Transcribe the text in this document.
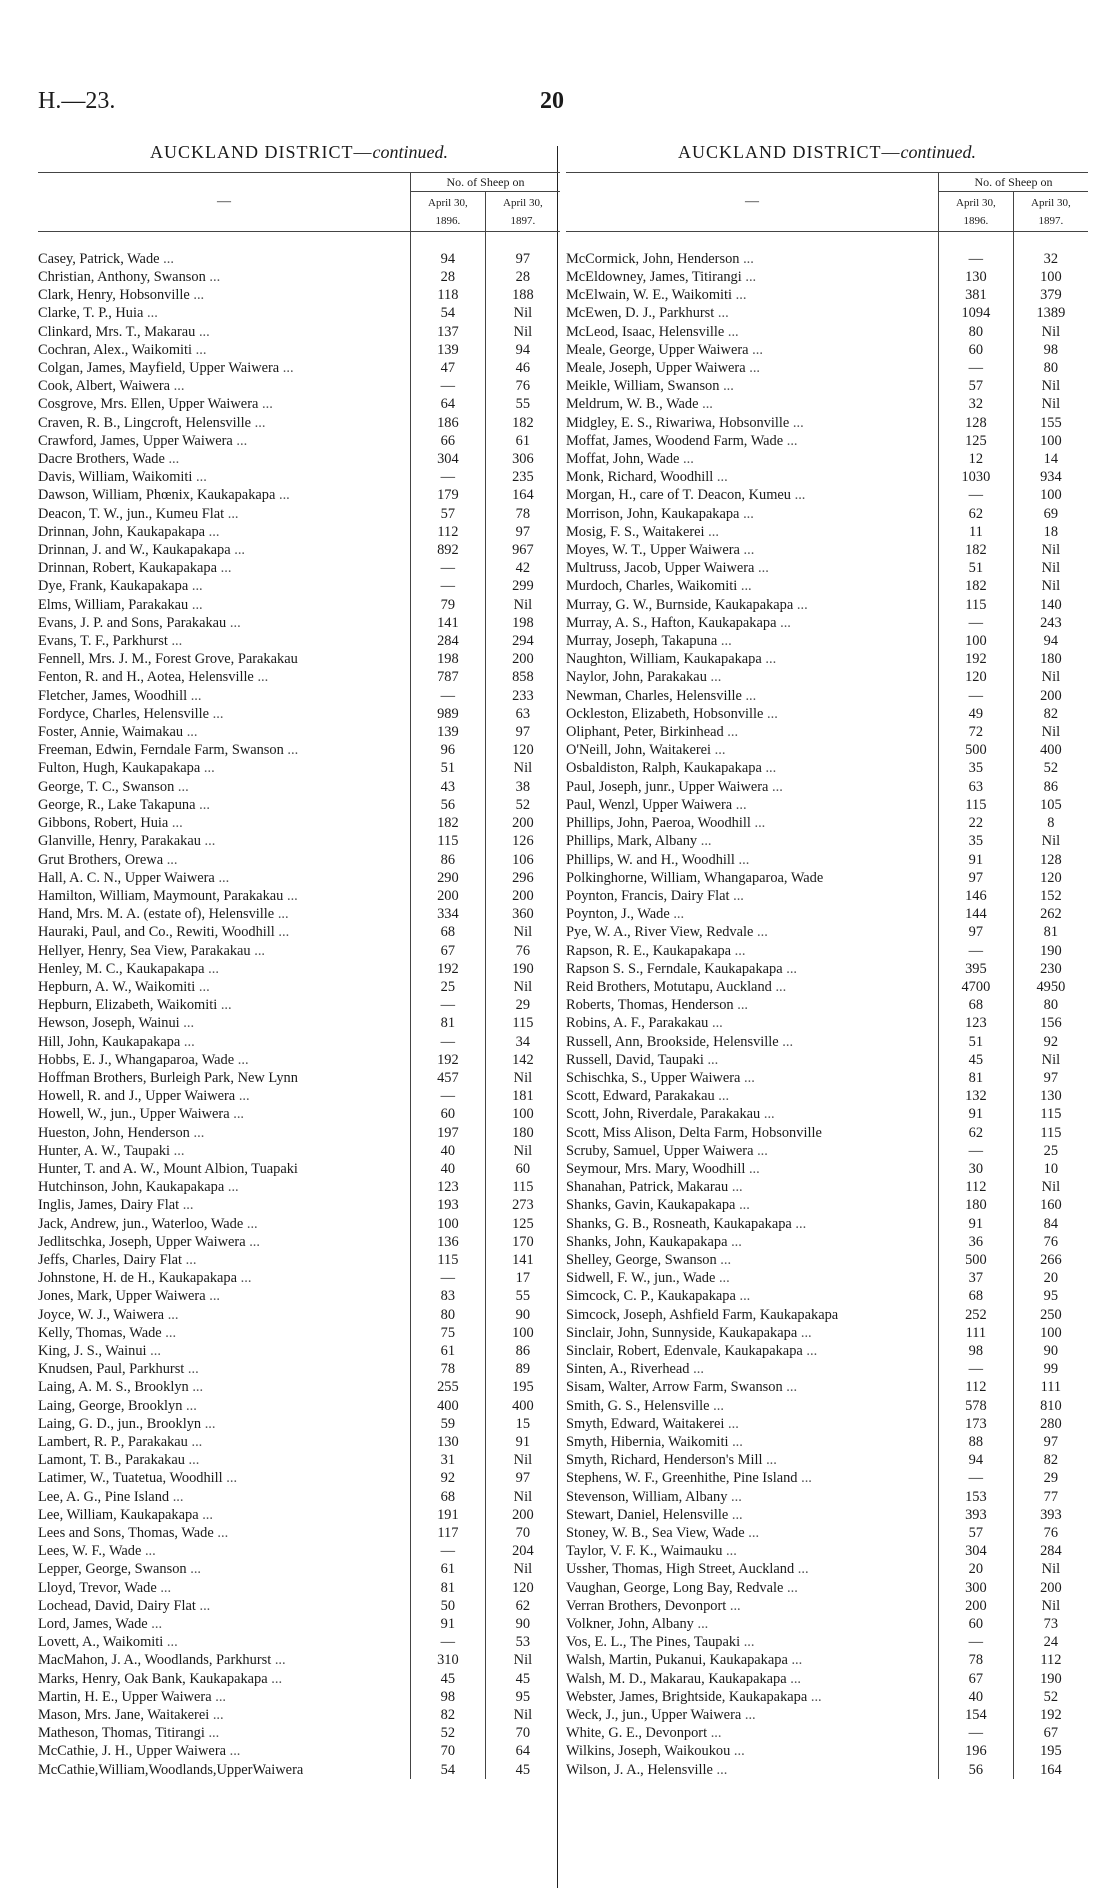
H.—23.	20
AUCKLAND DISTRICT—continued.
—	No. of Sheep on	

	April 30,
1896.	April 30,
1897.

Casey, Patrick, Wade ...	94	97
Christian, Anthony, Swanson ...	28	28
Clark, Henry, Hobsonville ...	118	188
Clarke, T. P., Huia ...	54	Nil
Clinkard, Mrs. T., Makarau ...	137	Nil
Cochran, Alex., Waikomiti ...	139	94
Colgan, James, Mayfield, Upper Waiwera ...	47	46
Cook, Albert, Waiwera ...	—	76
Cosgrove, Mrs. Ellen, Upper Waiwera ...	64	55
Craven, R. B., Lingcroft, Helensville ...	186	182
Crawford, James, Upper Waiwera ...	66	61
Dacre Brothers, Wade ...	304	306
Davis, William, Waikomiti ...	—	235
Dawson, William, Phœnix, Kaukapakapa ...	179	164
Deacon, T. W., jun., Kumeu Flat ...	57	78
Drinnan, John, Kaukapakapa ...	112	97
Drinnan, J. and W., Kaukapakapa ...	892	967
Drinnan, Robert, Kaukapakapa ...	—	42
Dye, Frank, Kaukapakapa ...	—	299
Elms, William, Parakakau ...	79	Nil
Evans, J. P. and Sons, Parakakau ...	141	198
Evans, T. F., Parkhurst ...	284	294
Fennell, Mrs. J. M., Forest Grove, Parakakau	198	200
Fenton, R. and H., Aotea, Helensville ...	787	858
Fletcher, James, Woodhill ...	—	233
Fordyce, Charles, Helensville ...	989	63
Foster, Annie, Waimakau ...	139	97
Freeman, Edwin, Ferndale Farm, Swanson ...	96	120
Fulton, Hugh, Kaukapakapa ...	51	Nil
George, T. C., Swanson ...	43	38
George, R., Lake Takapuna ...	56	52
Gibbons, Robert, Huia ...	182	200
Glanville, Henry, Parakakau ...	115	126
Grut Brothers, Orewa ...	86	106
Hall, A. C. N., Upper Waiwera ...	290	296
Hamilton, William, Maymount, Parakakau ...	200	200
Hand, Mrs. M. A. (estate of), Helensville ...	334	360
Hauraki, Paul, and Co., Rewiti, Woodhill ...	68	Nil
Hellyer, Henry, Sea View, Parakakau ...	67	76
Henley, M. C., Kaukapakapa ...	192	190
Hepburn, A. W., Waikomiti ...	25	Nil
Hepburn, Elizabeth, Waikomiti ...	—	29
Hewson, Joseph, Wainui ...	81	115
Hill, John, Kaukapakapa ...	—	34
Hobbs, E. J., Whangaparoa, Wade ...	192	142
Hoffman Brothers, Burleigh Park, New Lynn	457	Nil
Howell, R. and J., Upper Waiwera ...	—	181
Howell, W., jun., Upper Waiwera ...	60	100
Hueston, John, Henderson ...	197	180
Hunter, A. W., Taupaki ...	40	Nil
Hunter, T. and A. W., Mount Albion, Tuapaki	40	60
Hutchinson, John, Kaukapakapa ...	123	115
Inglis, James, Dairy Flat ...	193	273
Jack, Andrew, jun., Waterloo, Wade ...	100	125
Jedlitschka, Joseph, Upper Waiwera ...	136	170
Jeffs, Charles, Dairy Flat ...	115	141
Johnstone, H. de H., Kaukapakapa ...	—	17
Jones, Mark, Upper Waiwera ...	83	55
Joyce, W. J., Waiwera ...	80	90
Kelly, Thomas, Wade ...	75	100
King, J. S., Wainui ...	61	86
Knudsen, Paul, Parkhurst ...	78	89
Laing, A. M. S., Brooklyn ...	255	195
Laing, George, Brooklyn ...	400	400
Laing, G. D., jun., Brooklyn ...	59	15
Lambert, R. P., Parakakau ...	130	91
Lamont, T. B., Parakakau ...	31	Nil
Latimer, W., Tuatetua, Woodhill ...	92	97
Lee, A. G., Pine Island ...	68	Nil
Lee, William, Kaukapakapa ...	191	200
Lees and Sons, Thomas, Wade ...	117	70
Lees, W. F., Wade ...	—	204
Lepper, George, Swanson ...	61	Nil
Lloyd, Trevor, Wade ...	81	120
Lochead, David, Dairy Flat ...	50	62
Lord, James, Wade ...	91	90
Lovett, A., Waikomiti ...	—	53
MacMahon, J. A., Woodlands, Parkhurst ...	310	Nil
Marks, Henry, Oak Bank, Kaukapakapa ...	45	45
Martin, H. E., Upper Waiwera ...	98	95
Mason, Mrs. Jane, Waitakerei ...	82	Nil
Matheson, Thomas, Titirangi ...	52	70
McCathie, J. H., Upper Waiwera ...	70	64
McCathie,William,Woodlands,UpperWaiwera	54	45
AUCKLAND DISTRICT—continued.
—	No. of Sheep on	

	April 30,
1896.	April 30,
1897.

McCormick, John, Henderson ...	—	32
McEldowney, James, Titirangi ...	130	100
McElwain, W. E., Waikomiti ...	381	379
McEwen, D. J., Parkhurst ...	1094	1389
McLeod, Isaac, Helensville ...	80	Nil
Meale, George, Upper Waiwera ...	60	98
Meale, Joseph, Upper Waiwera ...	—	80
Meikle, William, Swanson ...	57	Nil
Meldrum, W. B., Wade ...	32	Nil
Midgley, E. S., Riwariwa, Hobsonville ...	128	155
Moffat, James, Woodend Farm, Wade ...	125	100
Moffat, John, Wade ...	12	14
Monk, Richard, Woodhill ...	1030	934
Morgan, H., care of T. Deacon, Kumeu ...	—	100
Morrison, John, Kaukapakapa ...	62	69
Mosig, F. S., Waitakerei ...	11	18
Moyes, W. T., Upper Waiwera ...	182	Nil
Multruss, Jacob, Upper Waiwera ...	51	Nil
Murdoch, Charles, Waikomiti ...	182	Nil
Murray, G. W., Burnside, Kaukapakapa ...	115	140
Murray, A. S., Hafton, Kaukapakapa ...	—	243
Murray, Joseph, Takapuna ...	100	94
Naughton, William, Kaukapakapa ...	192	180
Naylor, John, Parakakau ...	120	Nil
Newman, Charles, Helensville ...	—	200
Ockleston, Elizabeth, Hobsonville ...	49	82
Oliphant, Peter, Birkinhead ...	72	Nil
O'Neill, John, Waitakerei ...	500	400
Osbaldiston, Ralph, Kaukapakapa ...	35	52
Paul, Joseph, junr., Upper Waiwera ...	63	86
Paul, Wenzl, Upper Waiwera ...	115	105
Phillips, John, Paeroa, Woodhill ...	22	8
Phillips, Mark, Albany ...	35	Nil
Phillips, W. and H., Woodhill ...	91	128
Polkinghorne, William, Whangaparoa, Wade	97	120
Poynton, Francis, Dairy Flat ...	146	152
Poynton, J., Wade ...	144	262
Pye, W. A., River View, Redvale ...	97	81
Rapson, R. E., Kaukapakapa ...	—	190
Rapson S. S., Ferndale, Kaukapakapa ...	395	230
Reid Brothers, Motutapu, Auckland ...	4700	4950
Roberts, Thomas, Henderson ...	68	80
Robins, A. F., Parakakau ...	123	156
Russell, Ann, Brookside, Helensville ...	51	92
Russell, David, Taupaki ...	45	Nil
Schischka, S., Upper Waiwera ...	81	97
Scott, Edward, Parakakau ...	132	130
Scott, John, Riverdale, Parakakau ...	91	115
Scott, Miss Alison, Delta Farm, Hobsonville	62	115
Scruby, Samuel, Upper Waiwera ...	—	25
Seymour, Mrs. Mary, Woodhill ...	30	10
Shanahan, Patrick, Makarau ...	112	Nil
Shanks, Gavin, Kaukapakapa ...	180	160
Shanks, G. B., Rosneath, Kaukapakapa ...	91	84
Shanks, John, Kaukapakapa ...	36	76
Shelley, George, Swanson ...	500	266
Sidwell, F. W., jun., Wade ...	37	20
Simcock, C. P., Kaukapakapa ...	68	95
Simcock, Joseph, Ashfield Farm, Kaukapakapa	252	250
Sinclair, John, Sunnyside, Kaukapakapa ...	111	100
Sinclair, Robert, Edenvale, Kaukapakapa ...	98	90
Sinten, A., Riverhead ...	—	99
Sisam, Walter, Arrow Farm, Swanson ...	112	111
Smith, G. S., Helensville ...	578	810
Smyth, Edward, Waitakerei ...	173	280
Smyth, Hibernia, Waikomiti ...	88	97
Smyth, Richard, Henderson's Mill ...	94	82
Stephens, W. F., Greenhithe, Pine Island ...	—	29
Stevenson, William, Albany ...	153	77
Stewart, Daniel, Helensville ...	393	393
Stoney, W. B., Sea View, Wade ...	57	76
Taylor, V. F. K., Waimauku ...	304	284
Ussher, Thomas, High Street, Auckland ...	20	Nil
Vaughan, George, Long Bay, Redvale ...	300	200
Verran Brothers, Devonport ...	200	Nil
Volkner, John, Albany ...	60	73
Vos, E. L., The Pines, Taupaki ...	—	24
Walsh, Martin, Pukanui, Kaukapakapa ...	78	112
Walsh, M. D., Makarau, Kaukapakapa ...	67	190
Webster, James, Brightside, Kaukapakapa ...	40	52
Weck, J., jun., Upper Waiwera ...	154	192
White, G. E., Devonport ...	—	67
Wilkins, Joseph, Waikoukou ...	196	195
Wilson, J. A., Helensville ...	56	164
